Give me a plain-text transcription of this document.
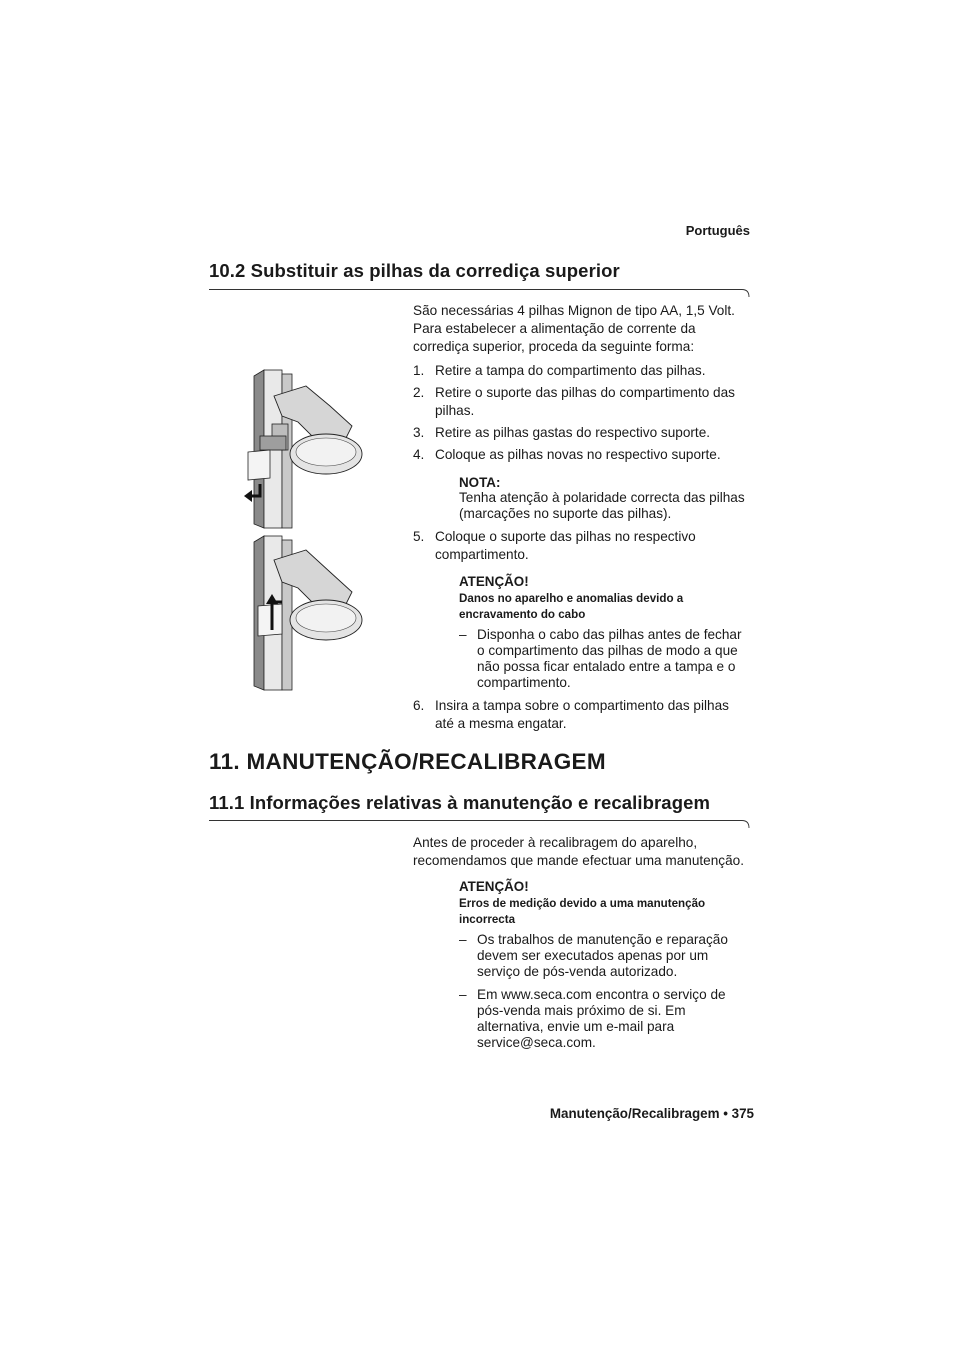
Português
10.2 Substituir as pilhas da corrediça superior
São necessárias 4 pilhas Mignon de tipo AA, 1,5 Volt.
Para estabelecer a alimentação de corrente da
corrediça superior, proceda da seguinte forma:
1. Retire a tampa do compartimento das pilhas.
2. Retire o suporte das pilhas do compartimento das
pilhas.
3. Retire as pilhas gastas do respectivo suporte.
4. Coloque as pilhas novas no respectivo suporte.
NOTA:
Tenha atenção à polaridade correcta das pilhas
(marcações no suporte das pilhas).
5. Coloque o suporte das pilhas no respectivo
compartimento.
ATENÇÃO!
Danos no aparelho e anomalias devido a
encravamento do cabo
– Disponha o cabo das pilhas antes de fechar
o compartimento das pilhas de modo a que
não possa ficar entalado entre a tampa e o
compartimento.
6. Insira a tampa sobre o compartimento das pilhas
até a mesma engatar.
11. MANUTENÇÃO/RECALIBRAGEM
11.1 Informações relativas à manutenção e recalibragem
Antes de proceder à recalibragem do aparelho,
recomendamos que mande efectuar uma manutenção.
ATENÇÃO!
Erros de medição devido a uma manutenção
incorrecta
– Os trabalhos de manutenção e reparação
devem ser executados apenas por um
serviço de pós-venda autorizado.
– Em www.seca.com encontra o serviço de
pós-venda mais próximo de si. Em
alternativa, envie um e-mail para
service@seca.com.
Manutenção/Recalibragem • 375
